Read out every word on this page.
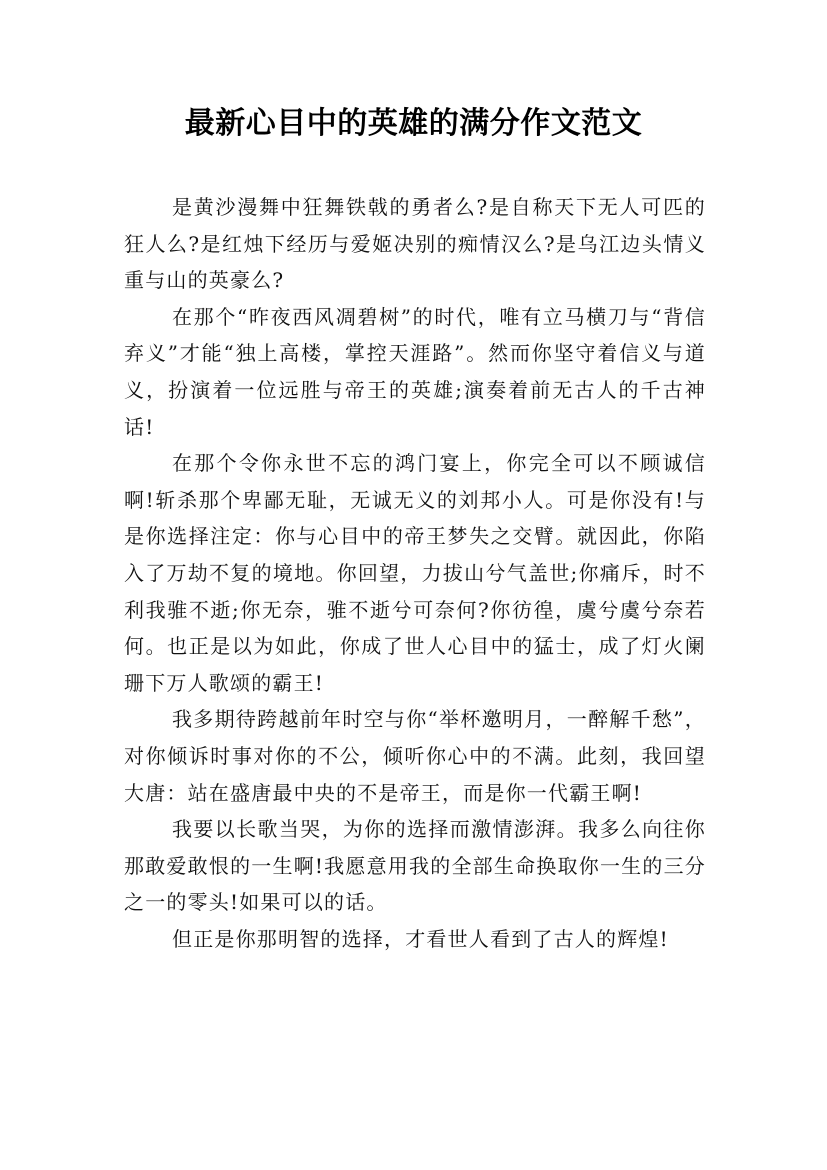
最新心目中的英雄的满分作文范文

是黄沙漫舞中狂舞铁戟的勇者么?是自称天下无人可匹的狂人么?是红烛下经历与爱姬决别的痴情汉么?是乌江边头情义重与山的英豪么?

在那个“昨夜西风凋碧树”的时代，唯有立马横刀与“背信弃义”才能“独上高楼，掌控天涯路”。然而你坚守着信义与道义，扮演着一位远胜与帝王的英雄;演奏着前无古人的千古神话!

在那个令你永世不忘的鸿门宴上，你完全可以不顾诚信啊!斩杀那个卑鄙无耻，无诚无义的刘邦小人。可是你没有!与是你选择注定：你与心目中的帝王梦失之交臂。就因此，你陷入了万劫不复的境地。你回望，力拔山兮气盖世;你痛斥，时不利我骓不逝;你无奈，骓不逝兮可奈何?你彷徨，虞兮虞兮奈若何。也正是以为如此，你成了世人心目中的猛士，成了灯火阑珊下万人歌颂的霸王!

我多期待跨越前年时空与你“举杯邀明月，一醉解千愁”，对你倾诉时事对你的不公，倾听你心中的不满。此刻，我回望大唐：站在盛唐最中央的不是帝王，而是你一代霸王啊!

我要以长歌当哭，为你的选择而激情澎湃。我多么向往你那敢爱敢恨的一生啊!我愿意用我的全部生命换取你一生的三分之一的零头!如果可以的话。

但正是你那明智的选择，才看世人看到了古人的辉煌!
